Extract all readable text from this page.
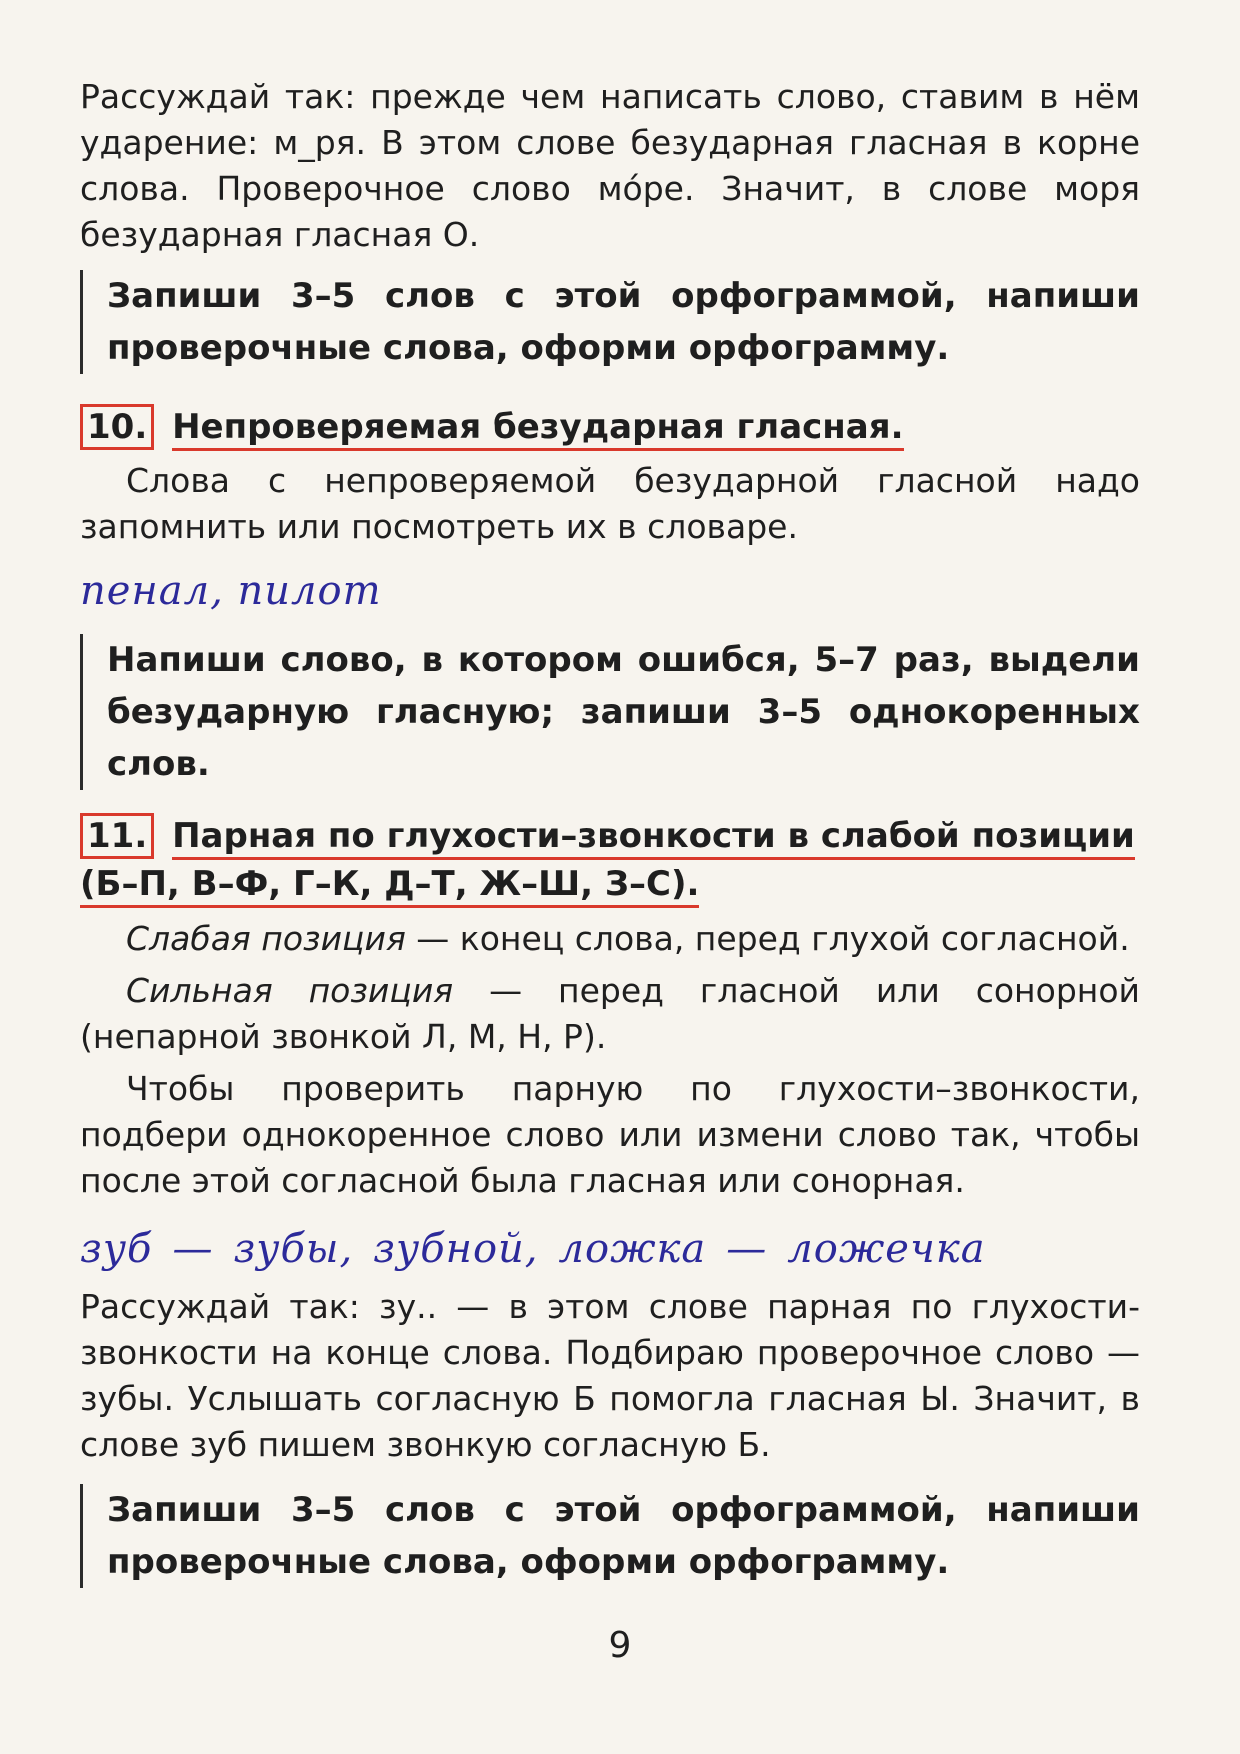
Рассуждай так: прежде чем написать слово, ставим в нём ударение: м_ря. В этом слове безударная гласная в корне слова. Проверочное слово мо́ре. Значит, в слове моря безударная гласная О.

Запиши 3–5 слов с этой орфограммой, напиши проверочные слова, оформи орфограмму.

10. Непроверяемая безударная гласная.

Слова с непроверяемой безударной гласной надо запомнить или посмотреть их в словаре.

пенал, пилот

Напиши слово, в котором ошибся, 5–7 раз, выдели безударную гласную; запиши 3–5 однокоренных слов.

11. Парная по глухости–звонкости в слабой позиции (Б–П, В–Ф, Г–К, Д–Т, Ж–Ш, З–С).

Слабая позиция — конец слова, перед глухой согласной.

Сильная позиция — перед гласной или сонорной (непарной звонкой Л, М, Н, Р).

Чтобы проверить парную по глухости–звонкости, подбери однокоренное слово или измени слово так, чтобы после этой согласной была гласная или сонорная.

зуб — зубы, зубной, ложка — ложечка

Рассуждай так: зу.. — в этом слове парная по глухости-звонкости на конце слова. Подбираю проверочное слово — зубы. Услышать согласную Б помогла гласная Ы. Значит, в слове зуб пишем звонкую согласную Б.

Запиши 3–5 слов с этой орфограммой, напиши проверочные слова, оформи орфограмму.

9
